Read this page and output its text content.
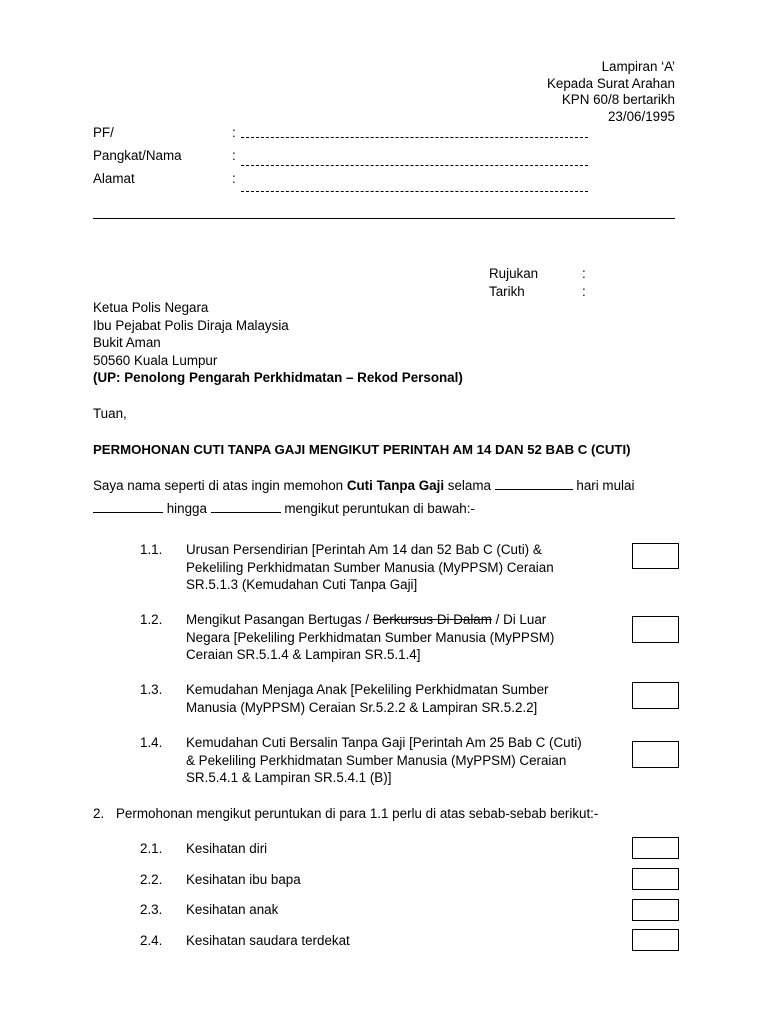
Lampiran ‘A’
Kepada Surat Arahan
KPN 60/8 bertarikh
23/06/1995
PF/	:
Pangkat/Nama	:
Alamat	:
Rujukan	:
Tarikh	:
Ketua Polis Negara
Ibu Pejabat Polis Diraja Malaysia
Bukit Aman
50560 Kuala Lumpur
(UP: Penolong Pengarah Perkhidmatan – Rekod Personal)
Tuan,
PERMOHONAN CUTI TANPA GAJI MENGIKUT PERINTAH AM 14 DAN 52 BAB C (CUTI)
Saya nama seperti di atas ingin memohon Cuti Tanpa Gaji selama	hari mulai
hingga	mengikut peruntukan di bawah:-
1.1. Urusan Persendirian [Perintah Am 14 dan 52 Bab C (Cuti) &
Pekeliling Perkhidmatan Sumber Manusia (MyPPSM) Ceraian
SR.5.1.3 (Kemudahan Cuti Tanpa Gaji]
1.2. Mengikut Pasangan Bertugas / Berkursus Di Dalam / Di Luar
Negara [Pekeliling Perkhidmatan Sumber Manusia (MyPPSM)
Ceraian SR.5.1.4 & Lampiran SR.5.1.4]
1.3. Kemudahan Menjaga Anak [Pekeliling Perkhidmatan Sumber
Manusia (MyPPSM) Ceraian Sr.5.2.2 & Lampiran SR.5.2.2]
1.4. Kemudahan Cuti Bersalin Tanpa Gaji [Perintah Am 25 Bab C (Cuti)
& Pekeliling Perkhidmatan Sumber Manusia (MyPPSM) Ceraian
SR.5.4.1 & Lampiran SR.5.4.1 (B)]
2. Permohonan mengikut peruntukan di para 1.1 perlu di atas sebab-sebab berikut:-
2.1. Kesihatan diri
2.2. Kesihatan ibu bapa
2.3. Kesihatan anak
2.4. Kesihatan saudara terdekat
